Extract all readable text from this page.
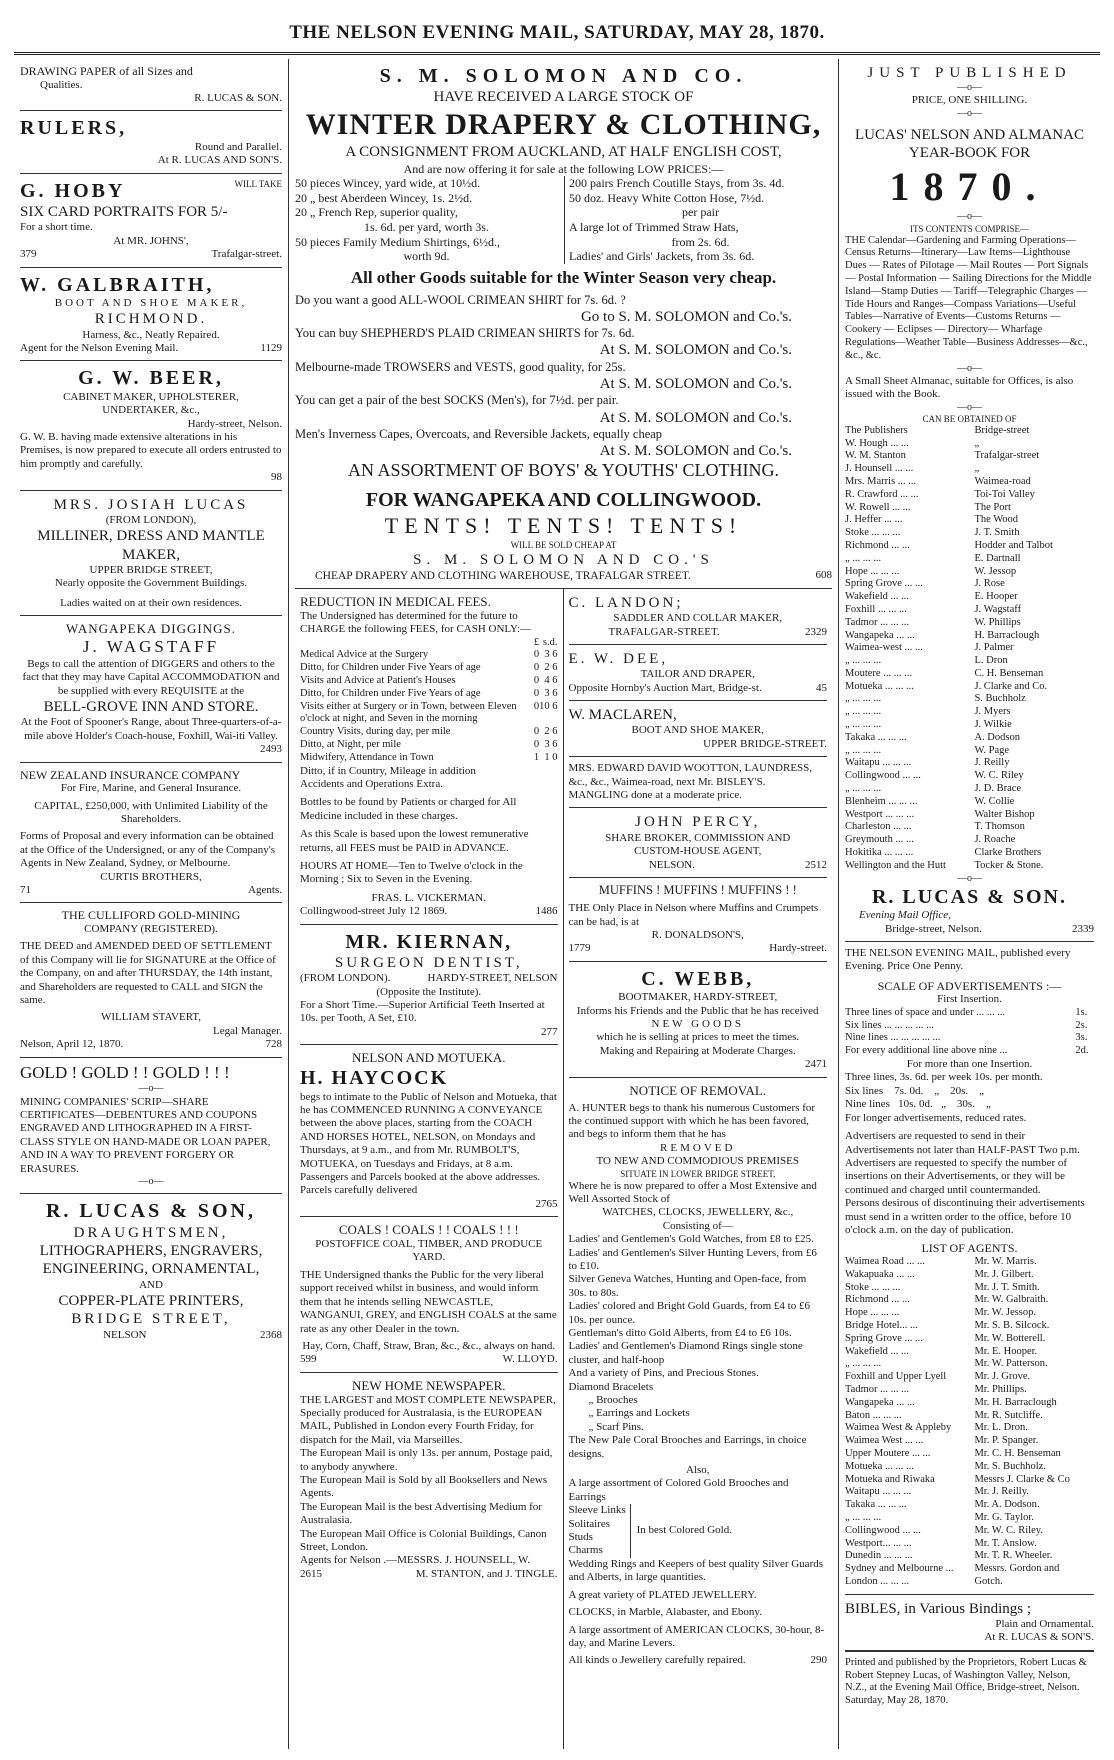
THE NELSON EVENING MAIL, SATURDAY, MAY 28, 1870.
DRAWING PAPER of all Sizes and
Qualities.
R. LUCAS & SON.
RULERS,
Round and Parallel.
At R. LUCAS AND SON'S.
G. HOBY	WILL TAKE
SIX CARD PORTRAITS FOR 5/-
For a short time.
At MR. JOHNS',
379	Trafalgar-street.
W. GALBRAITH,
BOOT AND SHOE MAKER,
RICHMOND.
Harness, &c., Neatly Repaired.
Agent for the Nelson Evening Mail.	1129
G. W. BEER,
CABINET MAKER, UPHOLSTERER,
UNDERTAKER, &c.,
Hardy-street, Nelson.
G. W. B. having made extensive alterations in his Premises, is now prepared to execute all orders entrusted to him promptly and carefully.
98
MRS. JOSIAH LUCAS
(FROM LONDON),
MILLINER, DRESS AND MANTLE
MAKER,
UPPER BRIDGE STREET,
Nearly opposite the Government Buildings.
Ladies waited on at their own residences.
WANGAPEKA DIGGINGS.
J. WAGSTAFF
Begs to call the attention of DIGGERS and others to the fact that they may have Capital ACCOMMODATION and be supplied with every REQUISITE at the
BELL-GROVE INN AND STORE.
At the Foot of Spooner's Range, about Three-quarters-of-a-mile above Holder's Coach-house, Foxhill, Wai-iti Valley.
2493
NEW ZEALAND INSURANCE COMPANY
For Fire, Marine, and General Insurance.
CAPITAL, £250,000, with Unlimited Liability of the Shareholders.
Forms of Proposal and every information can be obtained at the Office of the Undersigned, or any of the Company's Agents in New Zealand, Sydney, or Melbourne.
CURTIS BROTHERS,
71	Agents.
THE CULLIFORD GOLD-MINING
COMPANY (REGISTERED).
THE DEED and AMENDED DEED OF SETTLEMENT of this Company will lie for SIGNATURE at the Office of the Company, on and after THURSDAY, the 14th instant, and Shareholders are requested to CALL and SIGN the same.
WILLIAM STAVERT,
Legal Manager.
Nelson, April 12, 1870.	728
GOLD ! GOLD ! ! GOLD ! ! !
—o—
MINING COMPANIES' SCRIP—SHARE CERTIFICATES—DEBENTURES AND COUPONS ENGRAVED AND LITHOGRAPHED IN A FIRST-CLASS STYLE ON HAND-MADE OR LOAN PAPER, AND IN A WAY TO PREVENT FORGERY OR ERASURES.
—o—
R. LUCAS & SON,
DRAUGHTSMEN,
LITHOGRAPHERS, ENGRAVERS,
ENGINEERING, ORNAMENTAL,
AND
COPPER-PLATE PRINTERS,
BRIDGE STREET,
NELSON	2368
S. M. SOLOMON AND CO.
HAVE RECEIVED A LARGE STOCK OF
WINTER DRAPERY & CLOTHING,
A CONSIGNMENT FROM AUCKLAND, AT HALF ENGLISH COST,
And are now offering it for sale at the following LOW PRICES:—
50 pieces Wincey, yard wide, at 10½d.
20 „ best Aberdeen Wincey, 1s. 2½d.
20 „ French Rep, superior quality,
1s. 6d. per yard, worth 3s.
50 pieces Family Medium Shirtings, 6½d.,
worth 9d.
200 pairs French Coutille Stays, from 3s. 4d.
50 doz. Heavy White Cotton Hose, 7½d.
per pair
A large lot of Trimmed Straw Hats,
from 2s. 6d.
Ladies' and Girls' Jackets, from 3s. 6d.
All other Goods suitable for the Winter Season very cheap.
Do you want a good ALL-WOOL CRIMEAN SHIRT for 7s. 6d. ?
Go to S. M. SOLOMON and Co.'s.
You can buy SHEPHERD'S PLAID CRIMEAN SHIRTS for 7s. 6d.
At S. M. SOLOMON and Co.'s.
Melbourne-made TROWSERS and VESTS, good quality, for 25s.
At S. M. SOLOMON and Co.'s.
You can get a pair of the best SOCKS (Men's), for 7½d. per pair.
At S. M. SOLOMON and Co.'s.
Men's Inverness Capes, Overcoats, and Reversible Jackets, equally cheap
At S. M. SOLOMON and Co.'s.
AN ASSORTMENT OF BOYS' & YOUTHS' CLOTHING.
FOR WANGAPEKA AND COLLINGWOOD.
TENTS! TENTS! TENTS!
WILL BE SOLD CHEAP AT
S. M. SOLOMON AND CO.'S
CHEAP DRAPERY AND CLOTHING WAREHOUSE, TRAFALGAR STREET.	608
REDUCTION IN MEDICAL FEES.
The Undersigned has determined for the future to CHARGE the following FEES, for CASH ONLY:—
	£	s.	d.
Medical Advice at the Surgery	0	3	6
Ditto, for Children under Five Years of age	0	2	6
Visits and Advice at Patient's Houses	0	4	6
Ditto, for Children under Five Years of age	0	3	6
Visits either at Surgery or in Town, between Eleven o'clock at night, and Seven in the morning	0	10	6
Country Visits, during day, per mile	0	2	6
Ditto, at Night, per mile	0	3	6
Midwifery, Attendance in Town	1	1	0
Ditto, if in Country, Mileage in addition
Accidents and Operations Extra.
Bottles to be found by Patients or charged for All Medicine included in these charges.
As this Scale is based upon the lowest remunerative returns, all FEES must be PAID in ADVANCE.
HOURS AT HOME—Ten to Twelve o'clock in the Morning ; Six to Seven in the Evening.
FRAS. L. VICKERMAN.
Collingwood-street July 12 1869.	1486
MR. KIERNAN,
SURGEON DENTIST,
(FROM LONDON).	HARDY-STREET, NELSON
(Opposite the Institute).
For a Short Time.—Superior Artificial Teeth Inserted at 10s. per Tooth, A Set, £10.
277
NELSON AND MOTUEKA.
H. HAYCOCK
begs to intimate to the Public of Nelson and Motueka, that he has COMMENCED RUNNING A CONVEYANCE between the above places, starting from the COACH AND HORSES HOTEL, NELSON, on Mondays and Thursdays, at 9 a.m., and from Mr. RUMBOLT'S, MOTUEKA, on Tuesdays and Fridays, at 8 a.m. Passengers and Parcels booked at the above addresses. Parcels carefully delivered
2765
COALS ! COALS ! ! COALS ! ! !
POSTOFFICE COAL, TIMBER, AND PRODUCE YARD.
THE Undersigned thanks the Public for the very liberal support received whilst in business, and would inform them that he intends selling NEWCASTLE, WANGANUI, GREY, and ENGLISH COALS at the same rate as any other Dealer in the town.
Hay, Corn, Chaff, Straw, Bran, &c., &c., always on hand.
599	W. LLOYD.
NEW HOME NEWSPAPER.
THE LARGEST and MOST COMPLETE NEWSPAPER, Specially produced for Australasia, is the EUROPEAN MAIL, Published in London every Fourth Friday, for dispatch for the Mail, via Marseilles.
The European Mail is only 13s. per annum, Postage paid, to anybody anywhere.
The European Mail is Sold by all Booksellers and News Agents.
The European Mail is the best Advertising Medium for Australasia.
The European Mail Office is Colonial Buildings, Canon Street, London.
Agents for Nelson .—MESSRS. J. HOUNSELL, W.
2615	M. STANTON, and J. TINGLE.
C. LANDON;
SADDLER AND COLLAR MAKER,
TRAFALGAR-STREET.	2329
E. W. DEE,
TAILOR AND DRAPER,
Opposite Hornby's Auction Mart, Bridge-st.	45
W. MACLAREN,
BOOT AND SHOE MAKER,
UPPER BRIDGE-STREET.
MRS. EDWARD DAVID WOOTTON, LAUNDRESS, &c., &c., Waimea-road, next Mr. BISLEY'S. MANGLING done at a moderate price.
JOHN PERCY,
SHARE BROKER, COMMISSION AND
CUSTOM-HOUSE AGENT,
NELSON.	2512
MUFFINS ! MUFFINS ! MUFFINS ! !
THE Only Place in Nelson where Muffins and Crumpets can be had, is at
R. DONALDSON'S,
1779	Hardy-street.
C. WEBB,
BOOTMAKER, HARDY-STREET,
Informs his Friends and the Public that he has received
NEW GOODS
which he is selling at prices to meet the times.
Making and Repairing at Moderate Charges.
2471
NOTICE OF REMOVAL.
A. HUNTER begs to thank his numerous Customers for the continued support with which he has been favored, and begs to inform them that he has
REMOVED
TO NEW AND COMMODIOUS PREMISES
SITUATE IN LOWER BRIDGE STREET,
Where he is now prepared to offer a Most Extensive and Well Assorted Stock of
WATCHES, CLOCKS, JEWELLERY, &c.,
Consisting of—
Ladies' and Gentlemen's Gold Watches, from £8 to £25.
Ladies' and Gentlemen's Silver Hunting Levers, from £6 to £10.
Silver Geneva Watches, Hunting and Open-face, from 30s. to 80s.
Ladies' colored and Bright Gold Guards, from £4 to £6 10s. per ounce.
Gentleman's ditto Gold Alberts, from £4 to £6 10s.
Ladies' and Gentlemen's Diamond Rings single stone cluster, and half-hoop
And a variety of Pins, and Precious Stones.
Diamond Bracelets
„ Brooches
„ Earrings and Lockets
„ Scarf Pins.
The New Pale Coral Brooches and Earrings, in choice designs.
Also,
A large assortment of Colored Gold Brooches and Earrings
Sleeve Links
Solitaires
Studs
Charms
In best Colored Gold.
Wedding Rings and Keepers of best quality Silver Guards and Alberts, in large quantities.
A great variety of PLATED JEWELLERY.
CLOCKS, in Marble, Alabaster, and Ebony.
A large assortment of AMERICAN CLOCKS, 30-hour, 8-day, and Marine Levers.
All kinds o Jewellery carefully repaired.	290
JUST PUBLISHED
—o—
PRICE, ONE SHILLING.
—o—
LUCAS' NELSON AND ALMANAC YEAR-BOOK FOR
1870.
—o—
ITS CONTENTS COMPRISE—
THE Calendar—Gardening and Farming Operations—Census Returns—Itinerary—Law Items—Lighthouse Dues — Rates of Pilotage — Mail Routes — Port Signals — Postal Information — Sailing Directions for the Middle Island—Stamp Duties — Tariff—Telegraphic Charges — Tide Hours and Ranges—Compass Variations—Useful Tables—Narrative of Events—Customs Returns — Cookery — Eclipses — Directory— Wharfage Regulations—Weather Table—Business Addresses—&c., &c., &c.
—o—
A Small Sheet Almanac, suitable for Offices, is also issued with the Book.
—o—
CAN BE OBTAINED OF
The Publishers	Bridge-street
W. Hough ... ...	„
W. M. Stanton	Trafalgar-street
J. Hounsell ... ...	„
Mrs. Marris ... ...	Waimea-road
R. Crawford ... ...	Toi-Toi Valley
W. Rowell ... ...	The Port
J. Heffer ... ...	The Wood
Stoke ... ... ...	J. T. Smith
Richmond ... ...	Hodder and Talbot
„ ... ... ...	E. Dartnall
Hope ... ... ...	W. Jessop
Spring Grove ... ...	J. Rose
Wakefield ... ...	E. Hooper
Foxhill ... ... ...	J. Wagstaff
Tadmor ... ... ...	W. Phillips
Wangapeka ... ...	H. Barraclough
Waimea-west ... ...	J. Palmer
„ ... ... ...	L. Dron
Moutere ... ... ...	C. H. Benseman
Motueka ... ... ...	J. Clarke and Co.
„ ... ... ...	S. Buchholz
„ ... ... ...	J. Myers
„ ... ... ...	J. Wilkie
Takaka ... ... ...	A. Dodson
„ ... ... ...	W. Page
Waitapu ... ... ...	J. Reilly
Collingwood ... ...	W. C. Riley
„ ... ... ...	J. D. Brace
Blenheim ... ... ...	W. Collie
Westport ... ... ...	Walter Bishop
Charleston ... ...	T. Thomson
Greymouth ... ...	J. Roache
Hokitika ... ... ...	Clarke Brothers
Wellington and the Hutt	Tocker & Stone.
—o—
R. LUCAS & SON.
Evening Mail Office,
Bridge-street, Nelson.	2339
THE NELSON EVENING MAIL, published every Evening. Price One Penny.
SCALE OF ADVERTISEMENTS :—
First Insertion.
Three lines of space and under ... ... ...	1s.
Six lines ... ... ... ... ...	2s.
Nine lines ... ... ... ... ...	3s.
For every additional line above nine ...	2d.
For more than one Insertion.
Three lines, 3s. 6d. per week 10s. per month.
Six lines    7s. 0d.    „    20s.    „
Nine lines   10s. 0d.   „    30s.    „
For longer advertisements, reduced rates.
Advertisers are requested to send in their Advertisements not later than HALF-PAST Two p.m.
Advertisers are requested to specify the number of insertions on their Advertisements, or they will be continued and charged until countermanded.
Persons desirous of discontinuing their advertisements must send in a written order to the office, before 10 o'clock a.m. on the day of publication.
LIST OF AGENTS.
Waimea Road ... ...	Mr. W. Marris.
Wakapuaka ... ...	Mr. J. Gilbert.
Stoke ... ... ...	Mr. J. T. Smith.
Richmond ... ...	Mr. W. Galbraith.
Hope ... ... ...	Mr. W. Jessop.
Bridge Hotel... ...	Mr. S. B. Silcock.
Spring Grove ... ...	Mr. W. Botterell.
Wakefield ... ...	Mr. E. Hooper.
„ ... ... ...	Mr. W. Patterson.
Foxhill and Upper Lyell	Mr. J. Grove.
Tadmor ... ... ...	Mr. Phillips.
Wangapeka ... ...	Mr. H. Barraclough
Baton ... ... ...	Mr. R. Sutcliffe.
Waimea West & Appleby	Mr. L. Dron.
Waimea West ... ...	Mr. P. Spanger.
Upper Moutere ... ...	Mr. C. H. Benseman
Motueka ... ... ...	Mr. S. Buchholz.
Motueka and Riwaka	Messrs J. Clarke & Co
Waitapu ... ... ...	Mr. J. Reilly.
Takaka ... ... ...	Mr. A. Dodson.
„ ... ... ...	Mr. G. Taylor.
Collingwood ... ...	Mr. W. C. Riley.
Westport... ... ...	Mr. T. Anslow.
Dunedin ... ... ...	Mr. T. R. Wheeler.
Sydney and Melbourne ...	Messrs. Gordon and
London ... ... ...	Gotch.
BIBLES, in Various Bindings ;
Plain and Ornamental.
At R. LUCAS & SON'S.
Printed and published by the Proprietors, Robert Lucas & Robert Stepney Lucas, of Washington Valley, Nelson, N.Z., at the Evening Mail Office, Bridge-street, Nelson. Saturday, May 28, 1870.
